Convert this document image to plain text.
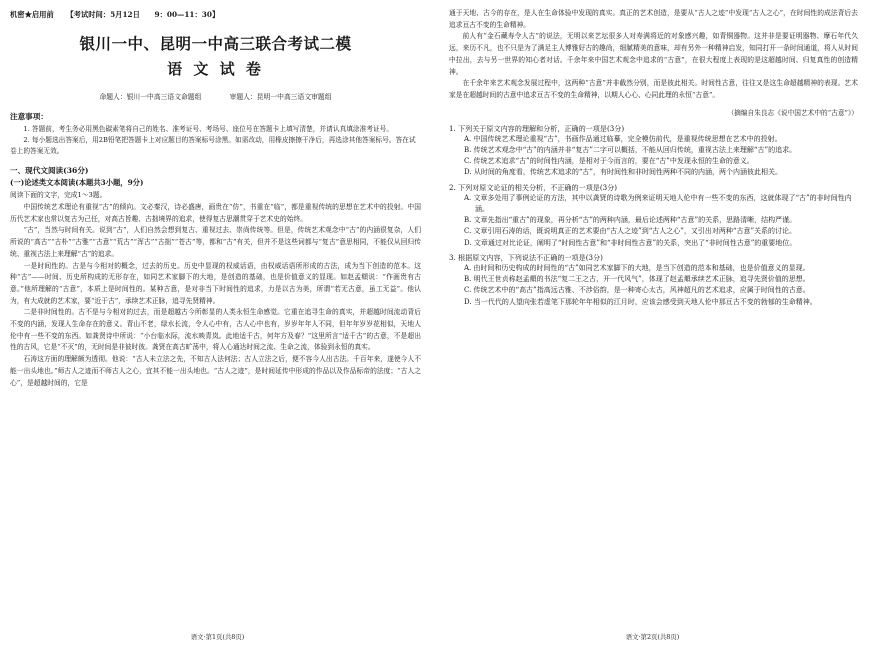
机密★启用前 【考试时间：5月12日　　9：00—11：30】

银川一中、昆明一中高三联合考试二模

语 文 试 卷

命题人：银川一中高三语文命题组 审题人：昆明一中高三语文审题组

注意事项：

1. 答题前，考生务必用黑色碳素笔将自己的姓名、准考证号、考场号、座位号在答题卡上填写清楚，并请认真填涂准考证号。

2. 每小题选出答案后，用2B铅笔把答题卡上对应题目的答案标号涂黑。如需改动，用橡皮擦擦干净后，再选涂其他答案标号。答在试卷上的答案无效。

一、现代文阅读(36分)

(一)论述类文本阅读(本题共3小题，9分)

阅读下面的文字，完成1～3题。

中国传统艺术理论有重视“古”的倾向。文必秦汉，诗必盛唐，画贵在“仿”，书重在“临”，都是重视传统的思想在艺术中的投射。中国历代艺术家也常以复古为己任，对高古旨趣、古拙境界的追求，使得复古思潮贯穿于艺术史的始终。

“古”，当然与时间有关。说到“古”，人们自然会想到复古、重视过去、崇尚传统等。但是，传统艺术观念中“古”的内涵很复杂，人们所说的“高古”“古朴”“古雅”“古意”“荒古”“浑古”“古拙”“苍古”等，都和“古”有关，但并不是这些词都与“复古”意思相同，不能仅从回归传统、重视古法上来理解“古”的追求。

一是时间性的。古是与今相对的概念，过去的历史。历史中显现的权威话语，由权威话语所形成的古法，成为当下创造的范本。这种“古”——时间、历史所构成的无形存在，如同艺术家脚下的大地，是创造的基础，也是价值意义的显现。如赵孟頫说：“作画贵有古意。”他所理解的“古意”，本质上是时间性的。某种古意，是对非当下时间性的追求，力是以古为美，所谓“若无古意，虽工无益”。他认为，有大成就的艺术家，要“近于古”，承续艺术正脉，追寻先贤精神。

二是非时间性的。古不是与今相对的过去，而是超越古今所彰显的人类永恒生命感觉。它重在追寻生命的真实，并超越时间流动背后不变的内涵，发现人生命存在的意义。青山不老，绿水长流，令人心中有，古人心中也有，岁岁年年人不同，但年年岁岁花相似，天地人伦中有一些不变的东西。如龚贤诗中所说：“小台临水际，流水映青岚。此地适千古，何年方及春？”这里所言“适千古”的古意，不是超出性的古风，它是“不灭”的，无时间是非彼时彼。龚贤在高古旷荡中，将人心通达时间之流、生命之流，体验到永恒的真实。

石涛这方面的理解颇为透彻。他说：“古人未立法之先，不知古人法何法；古人立法之后，便不容今人出古法。千百年来，遂使今人不能一出头地也。”师古人之迹而不师古人之心，宜其不能一出头地也。“古人之迹”，是时间延传中形成的作品以及作品标帝的法度；“古人之心”，是超越时间的，它是

语文·第1页(共8页)

通于天地、古今的存在，是人在生命体验中发现的真实。真正的艺术创造，是要从“古人之迹”中发现“古人之心”，在时间性的成法背后去追求亘古不变的生命精神。

前人有“金石藏寿令人古”的说法，无明以来艺坛很多人对寿满将近的对象感兴趣，如青铜器物。这并非是要证明器物、摩石年代久远，来历不凡，也不只是为了满足主人博雅好古的趣尚，细腻精美的意味，却有另外一种精神启发，知同打开一条时间通道，将人从时间中拉出，去与另一世界的知心者对话。千余年来中国艺术观念中追求的“古意”，在很大程度上表现的是这超越时间、归复真性的创造精神。

在千余年来艺术观念发展过程中，这两种“古意”并非截然分别，而是彼此相关。时间性古意，往往又是这生命超越精神的表现。艺术家是在超越时间的古意中追求亘古不变的生命精神，以期人心心、心同此理的永恒“古意”。

（摘编自朱良志《说中国艺术中的“古意”》）

1. 下列关于原文内容的理解和分析，正确的一项是(3分)

A. 中国传统艺术理论重视“古”，书画作品通过临摹，完全模仿前代，是重视传统思想在艺术中的投射。

B. 传统艺术观念中“古”的内涵并非“复古”二字可以概括，不能从回归传统，重视古法上来理解“古”的追求。

C. 传统艺术追求“古”的时间性内涵，是相对于今而言的，要在“古”中发现永恒的生命的意义。

D. 从时间的角度看，传统艺术追求的“古”，有时间性和非时间性两种不同的内涵，两个内涵彼此相关。

2. 下列对原文论证的相关分析，不正确的一项是(3分)

A. 文章多处用了事例论证的方法，其中以龚贤的诗歌为例来证明天地人伦中有一些不变的东西，这就体现了“古”的非时间性内涵。

B. 文章先指出“重古”的现象，再分析“古”的两种内涵，最后论述两种“古意”的关系，思路清晰，结构严谨。

C. 文章引用石涛的话，既说明真正的艺术要由“古人之迹”到“古人之心”，又引出对两种“古意”关系的讨论。

D. 文章通过对比论证，阐明了“时间性古意”和“非时间性古意”的关系，突出了“非时间性古意”的重要地位。

3. 根据原文内容，下列说法不正确的一项是(3分)

A. 由时间和历史构成的时间性的“古”如同艺术家脚下的大地，是当下创造的范本和基础，也是价值意义的显现。

B. 明代王世贞称赵孟頫的书法“复二王之古，开一代风气”，体现了赵孟頫承续艺术正脉，追寻先贤价值的思想。

C. 传统艺术中的“高古”指高远古雅、不涉俗韵，是一种寄心太古，风神超凡的艺术追求，应属于时间性的古意。

D. 当一代代的人望向张若虚笔下那轮年年相似的江月时，应该会感受到天地人伦中那亘古不变的勃郁的生命精神。

语文·第2页(共8页)
